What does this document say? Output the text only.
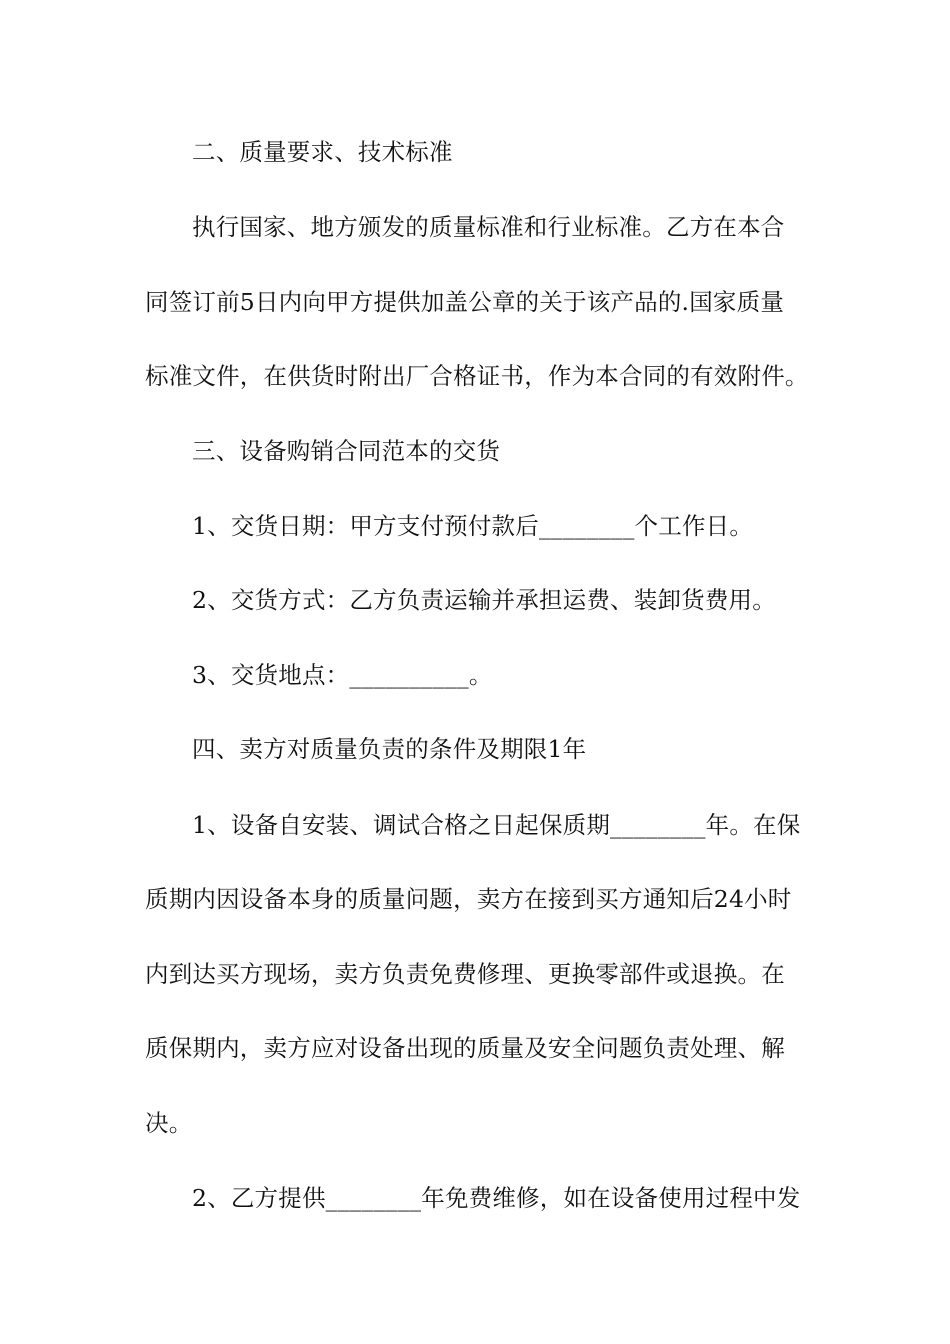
二、质量要求、技术标准
执行国家、地方颁发的质量标准和行业标准。乙方在本合
同签订前5日内向甲方提供加盖公章的关于该产品的.国家质量
标准文件，在供货时附出厂合格证书，作为本合同的有效附件。
三、设备购销合同范本的交货
1、交货日期：甲方支付预付款后________个工作日。
2、交货方式：乙方负责运输并承担运费、装卸货费用。
3、交货地点：__________。
四、卖方对质量负责的条件及期限1年
1、设备自安装、调试合格之日起保质期________年。在保
质期内因设备本身的质量问题，卖方在接到买方通知后24小时
内到达买方现场，卖方负责免费修理、更换零部件或退换。在
质保期内，卖方应对设备出现的质量及安全问题负责处理、解
决。
2、乙方提供________年免费维修，如在设备使用过程中发
